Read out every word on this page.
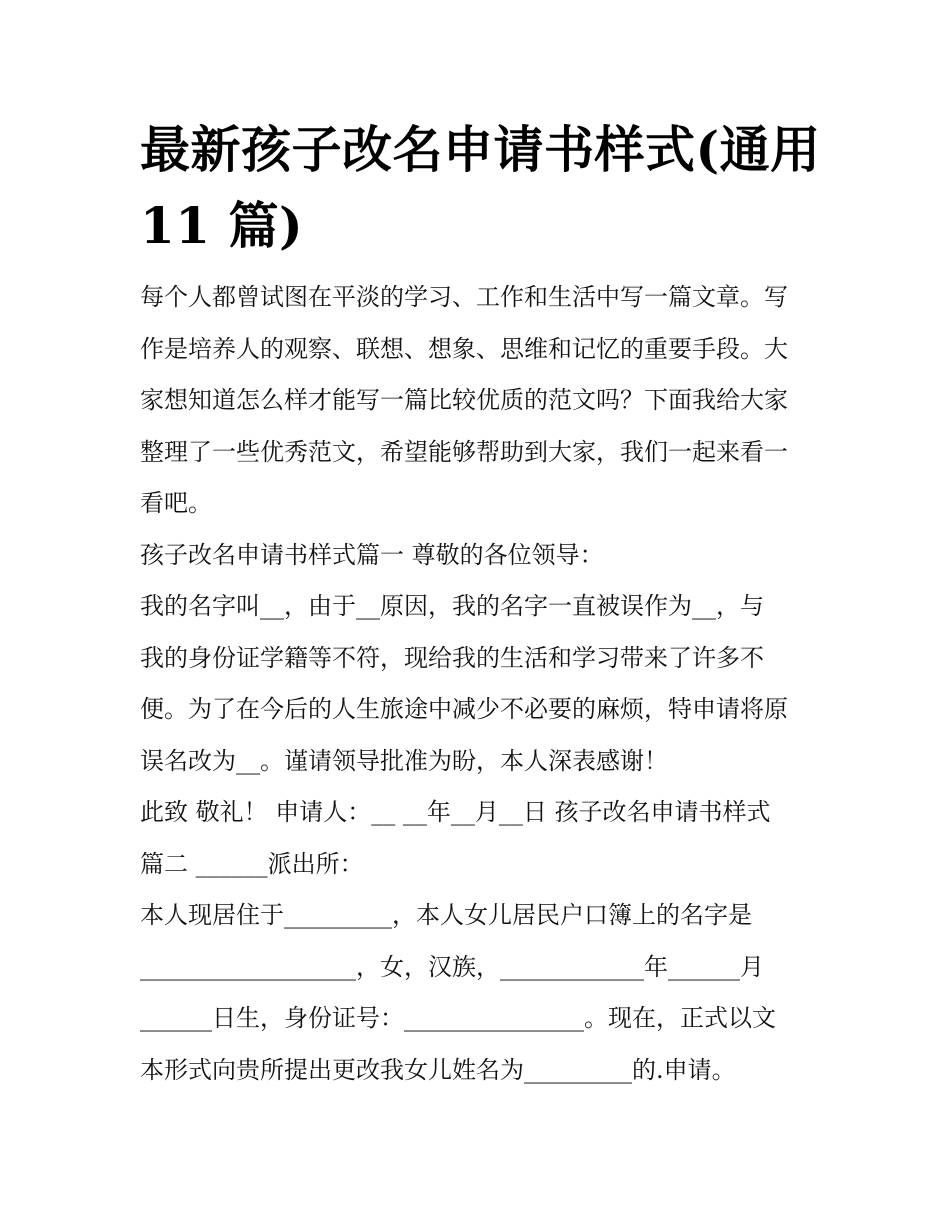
最新孩子改名申请书样式(通用
11 篇)
每个人都曾试图在平淡的学习、工作和生活中写一篇文章。写
作是培养人的观察、联想、想象、思维和记忆的重要手段。大
家想知道怎么样才能写一篇比较优质的范文吗？下面我给大家
整理了一些优秀范文，希望能够帮助到大家，我们一起来看一
看吧。
孩子改名申请书样式篇一 尊敬的各位领导：
我的名字叫__，由于__原因，我的名字一直被误作为__，与
我的身份证学籍等不符，现给我的生活和学习带来了许多不
便。为了在今后的人生旅途中减少不必要的麻烦，特申请将原
误名改为__。谨请领导批准为盼，本人深表感谢！
此致 敬礼！ 申请人：__ __年__月__日 孩子改名申请书样式
篇二 ______派出所：
本人现居住于_________，本人女儿居民户口簿上的名字是
__________________，女，汉族，____________年______月
______日生，身份证号：_______________。现在，正式以文
本形式向贵所提出更改我女儿姓名为_________的.申请。
